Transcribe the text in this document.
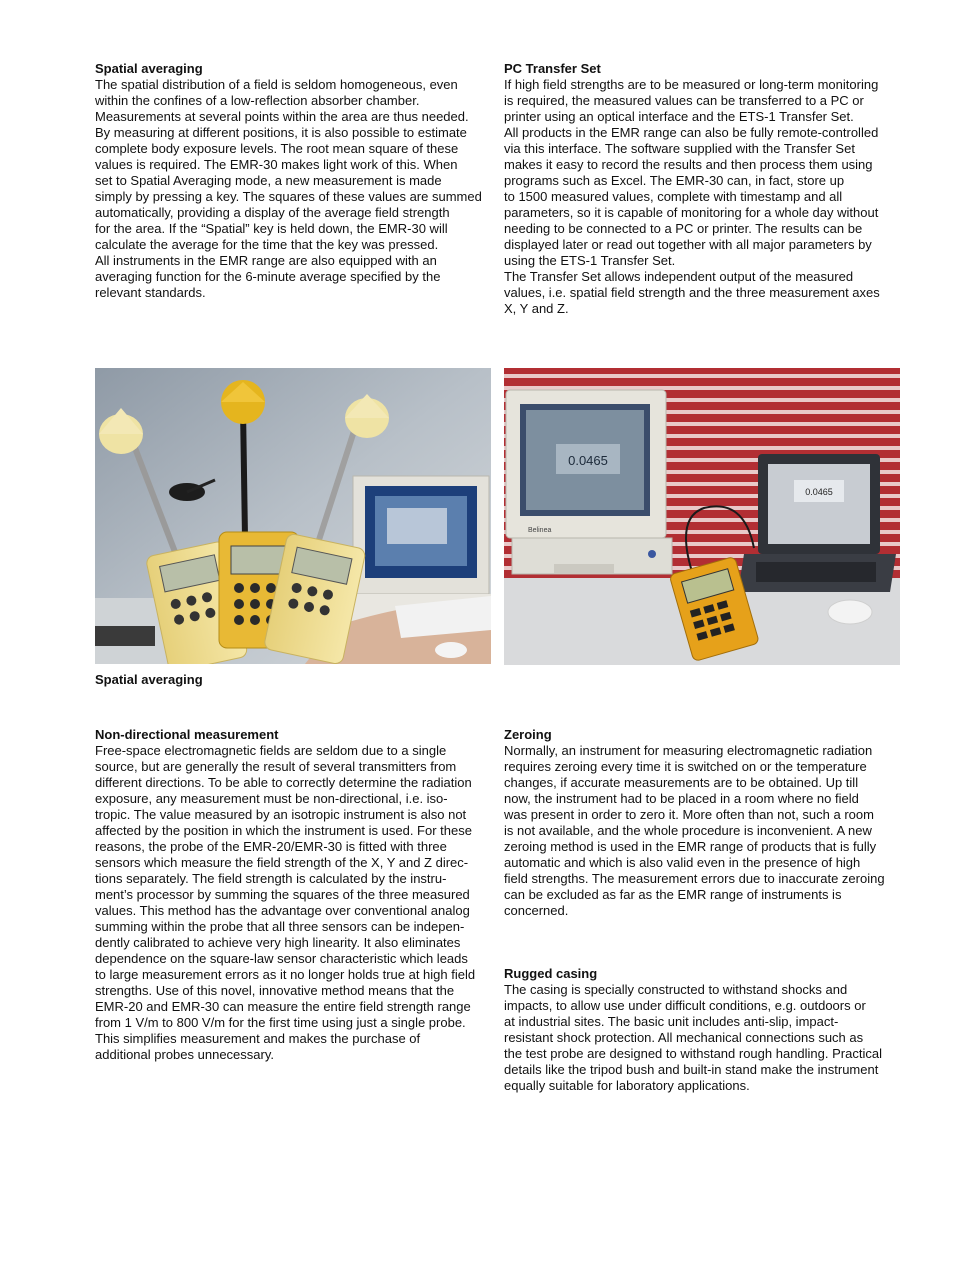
Spatial averaging

The spatial distribution of a field is seldom homogeneous, even
within the confines of a low-reflection absorber chamber.
Measurements at several points within the area are thus needed.
By measuring at different positions, it is also possible to estimate
complete body exposure levels. The root mean square of these
values is required. The EMR-30 makes light work of this. When
set to Spatial Averaging mode, a new measurement is made
simply by pressing a key. The squares of these values are summed
automatically, providing a display of the average field strength
for the area. If the “Spatial” key is held down, the EMR-30 will
calculate the average for the time that the key was pressed.
All instruments in the EMR range are also equipped with an
averaging function for the 6-minute average specified by the
relevant standards.

PC Transfer Set

If high field strengths are to be measured or long-term monitoring
is required, the measured values can be transferred to a PC or
printer using an optical interface and the ETS-1 Transfer Set.
All products in the EMR range can also be fully remote-controlled
via this interface. The software supplied with the Transfer Set
makes it easy to record the results and then process them using
programs such as Excel. The EMR-30 can, in fact, store up
to 1500 measured values, complete with timestamp and all
parameters, so it is capable of monitoring for a whole day without
needing to be connected to a PC or printer. The results can be
displayed later or read out together with all major parameters by
using the ETS-1 Transfer Set.
The Transfer Set allows independent output of the measured
values, i.e. spatial field strength and the three measurement axes
X, Y and Z.

Spatial averaging
0.0465
Belinea
0.0465
Non-directional measurement

Free-space electromagnetic fields are seldom due to a single
source, but are generally the result of several transmitters from
different directions. To be able to correctly determine the radiation
exposure, any measurement must be non-directional, i.e. iso-
tropic. The value measured by an isotropic instrument is also not
affected by the position in which the instrument is used. For these
reasons, the probe of the EMR-20/EMR-30 is fitted with three
sensors which measure the field strength of the X, Y and Z direc-
tions separately. The field strength is calculated by the instru-
ment’s processor by summing the squares of the three measured
values. This method has the advantage over conventional analog
summing within the probe that all three sensors can be indepen-
dently calibrated to achieve very high linearity. It also eliminates
dependence on the square-law sensor characteristic which leads
to large measurement errors as it no longer holds true at high field
strengths. Use of this novel, innovative method means that the
EMR-20 and EMR-30 can measure the entire field strength range
from 1 V/m to 800 V/m for the first time using just a single probe.
This simplifies measurement and makes the purchase of
additional probes unnecessary.

Zeroing

Normally, an instrument for measuring electromagnetic radiation
requires zeroing every time it is switched on or the temperature
changes, if accurate measurements are to be obtained. Up till
now, the instrument had to be placed in a room where no field
was present in order to zero it. More often than not, such a room
is not available, and the whole procedure is inconvenient. A new
zeroing method is used in the EMR range of products that is fully
automatic and which is also valid even in the presence of high
field strengths. The measurement errors due to inaccurate zeroing
can be excluded as far as the EMR range of instruments is
concerned.

Rugged casing

The casing is specially constructed to withstand shocks and
impacts, to allow use under difficult conditions, e.g. outdoors or
at industrial sites. The basic unit includes anti-slip, impact-
resistant shock protection. All mechanical connections such as
the test probe are designed to withstand rough handling. Practical
details like the tripod bush and built-in stand make the instrument
equally suitable for laboratory applications.
